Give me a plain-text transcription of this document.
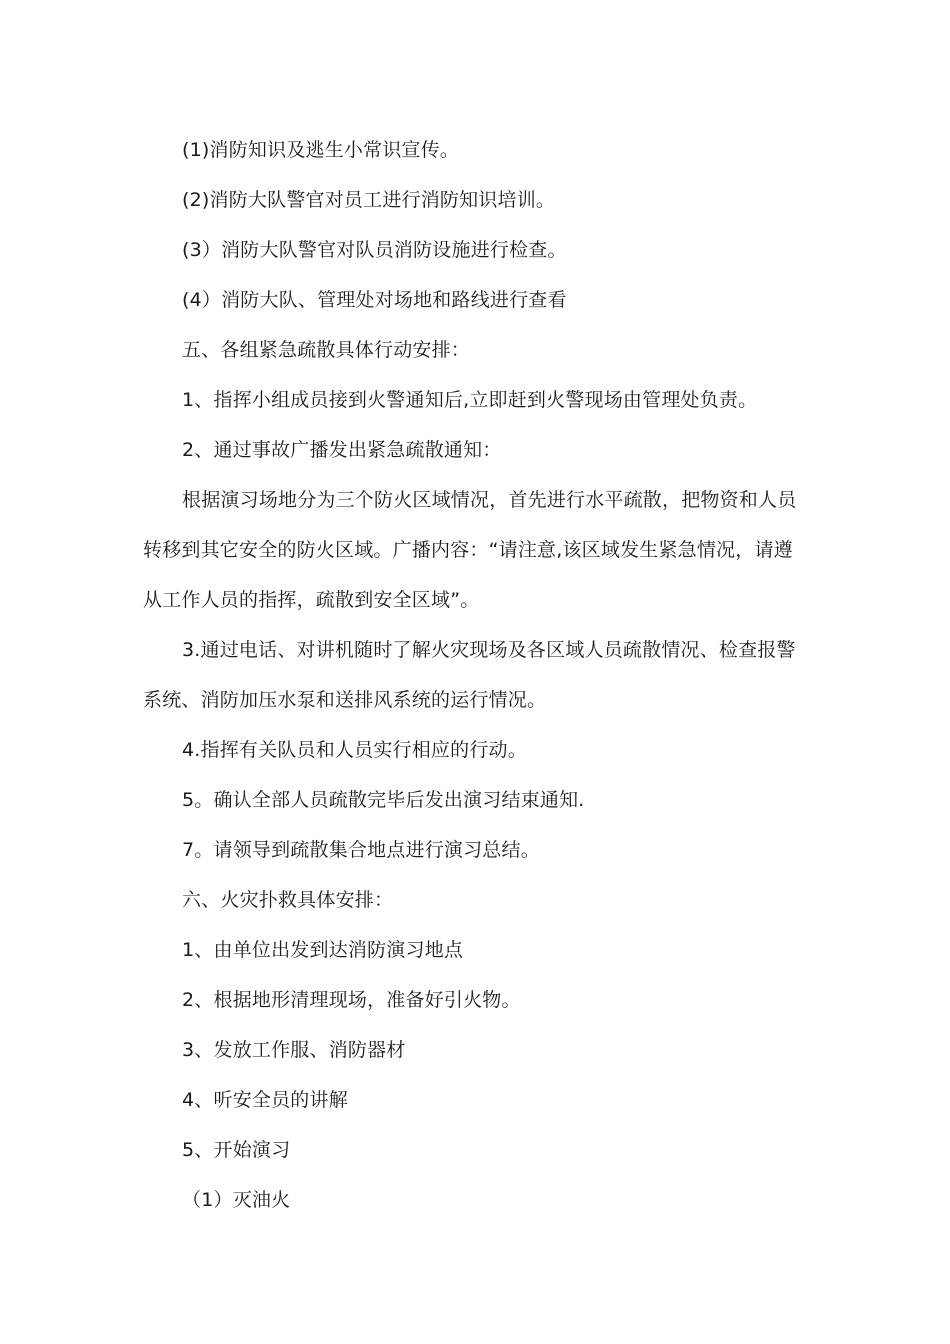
(1)消防知识及逃生小常识宣传。
(2)消防大队警官对员工进行消防知识培训。
(3）消防大队警官对队员消防设施进行检查。
(4）消防大队、管理处对场地和路线进行查看
五、各组紧急疏散具体行动安排：
1、指挥小组成员接到火警通知后,立即赶到火警现场由管理处负责。
2、通过事故广播发出紧急疏散通知：
根据演习场地分为三个防火区域情况，首先进行水平疏散，把物资和人员
转移到其它安全的防火区域。广播内容：“请注意,该区域发生紧急情况，请遵
从工作人员的指挥，疏散到安全区域”。
3.通过电话、对讲机随时了解火灾现场及各区域人员疏散情况、检查报警
系统、消防加压水泵和送排风系统的运行情况。
4.指挥有关队员和人员实行相应的行动。
5。确认全部人员疏散完毕后发出演习结束通知.
7。请领导到疏散集合地点进行演习总结。
六、火灾扑救具体安排：
1、由单位出发到达消防演习地点
2、根据地形清理现场，准备好引火物。
3、发放工作服、消防器材
4、听安全员的讲解
5、开始演习
（1）灭油火
